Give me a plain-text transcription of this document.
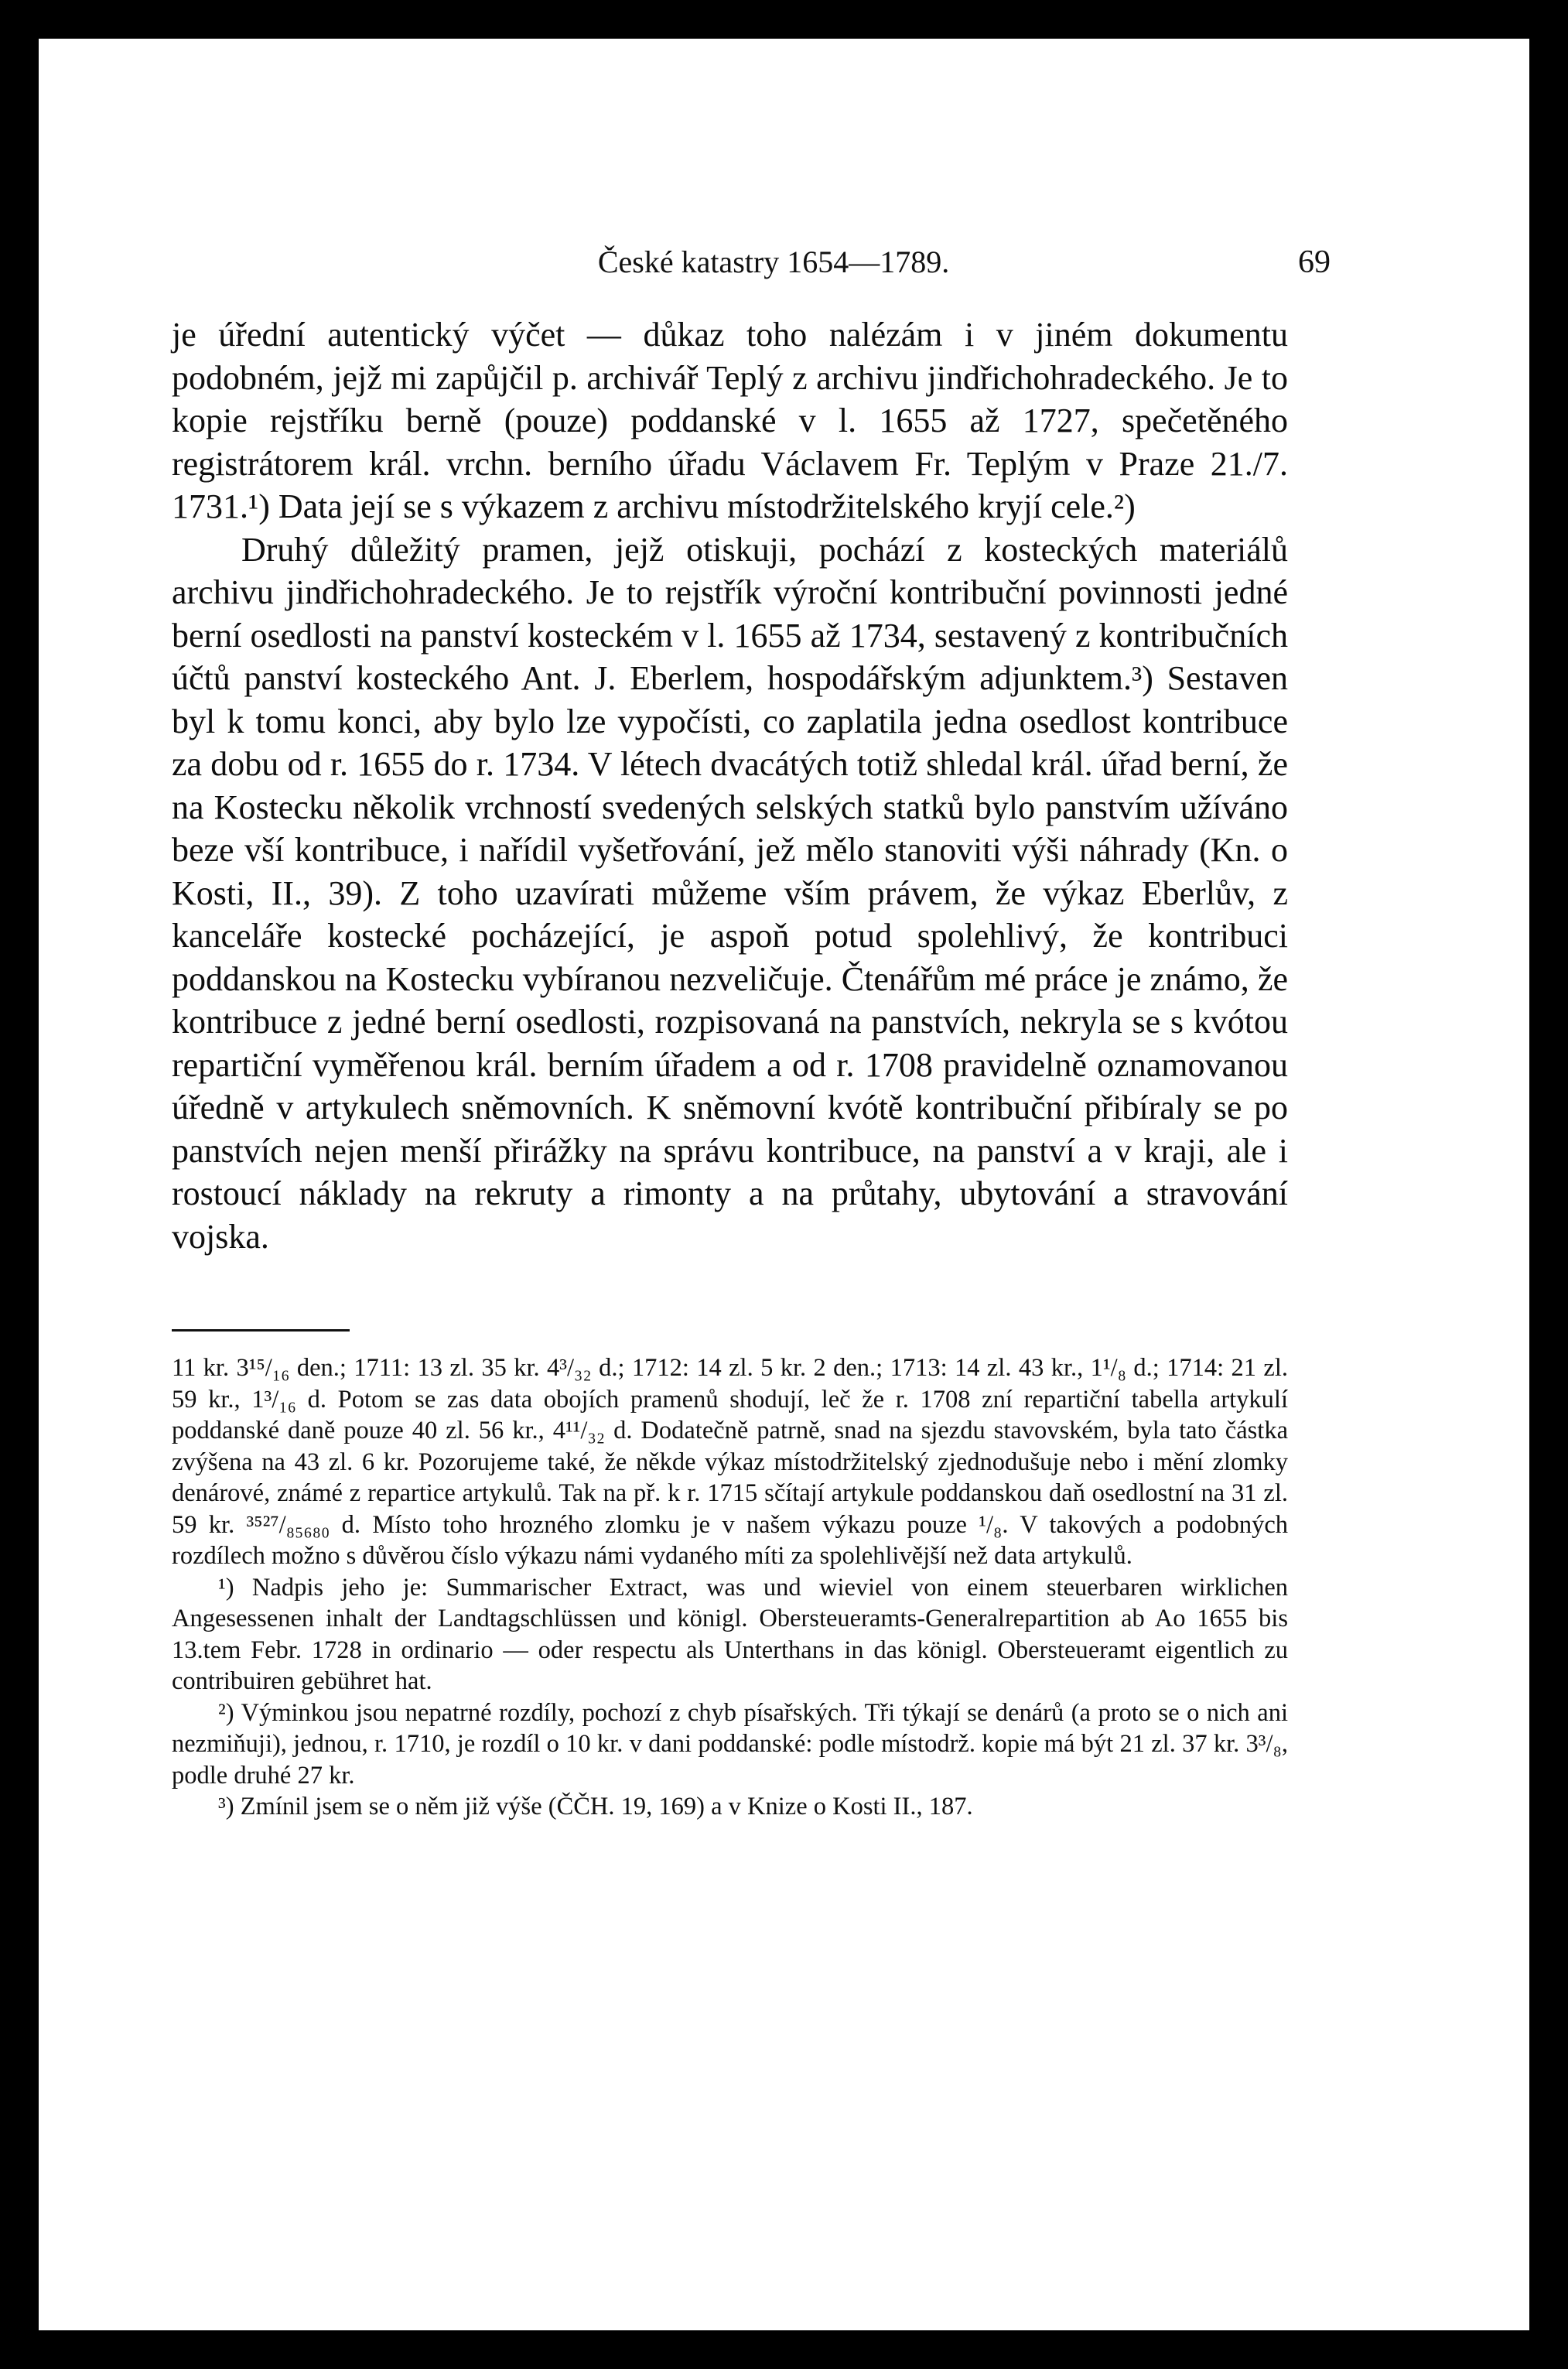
České katastry 1654—1789.	69

je úřední autentický výčet — důkaz toho nalézám i v jiném dokumentu podobném, jejž mi zapůjčil p. archivář Teplý z archivu jindřichohradeckého. Je to kopie rejstříku berně (pouze) poddanské v l. 1655 až 1727, spečetěného registrátorem král. vrchn. berního úřadu Václavem Fr. Teplým v Praze 21./7. 1731.¹) Data její se s výkazem z archivu místodržitelského kryjí cele.²)

Druhý důležitý pramen, jejž otiskuji, pochází z kosteckých materiálů archivu jindřichohradeckého. Je to rejstřík výroční kontribuční povinnosti jedné berní osedlosti na panství kosteckém v l. 1655 až 1734, sestavený z kontribučních účtů panství kosteckého Ant. J. Eberlem, hospodářským adjunktem.³) Sestaven byl k tomu konci, aby bylo lze vypočísti, co zaplatila jedna osedlost kontribuce za dobu od r. 1655 do r. 1734. V létech dvacátých totiž shledal král. úřad berní, že na Kostecku několik vrchností svedených selských statků bylo panstvím užíváno beze vší kontribuce, i nařídil vyšetřování, jež mělo stanoviti výši náhrady (Kn. o Kosti, II., 39). Z toho uzavírati můžeme vším právem, že výkaz Eberlův, z kanceláře kostecké pocházející, je aspoň potud spolehlivý, že kontribuci poddanskou na Kostecku vybíranou nezveličuje. Čtenářům mé práce je známo, že kontribuce z jedné berní osedlosti, rozpisovaná na panstvích, nekryla se s kvótou repartiční vyměřenou král. berním úřadem a od r. 1708 pravidelně oznamovanou úředně v artykulech sněmovních. K sněmovní kvótě kontribuční přibíraly se po panstvích nejen menší přirážky na správu kontribuce, na panství a v kraji, ale i rostoucí náklady na rekruty a rimonty a na průtahy, ubytování a stravování vojska.

11 kr. 3¹⁵/₁₆ den.; 1711: 13 zl. 35 kr. 4³/₃₂ d.; 1712: 14 zl. 5 kr. 2 den.; 1713: 14 zl. 43 kr., 1¹/₈ d.; 1714: 21 zl. 59 kr., 1³/₁₆ d. Potom se zas data obojích pramenů shodují, leč že r. 1708 zní repartiční tabella artykulí poddanské daně pouze 40 zl. 56 kr., 4¹¹/₃₂ d. Dodatečně patrně, snad na sjezdu stavovském, byla tato částka zvýšena na 43 zl. 6 kr. Pozorujeme také, že někde výkaz místodržitelský zjednodušuje nebo i mění zlomky denárové, známé z repartice artykulů. Tak na př. k r. 1715 sčítají artykule poddanskou daň osedlostní na 31 zl. 59 kr. ³⁵²⁷/₈₅₆₈₀ d. Místo toho hrozného zlomku je v našem výkazu pouze ¹/₈. V takových a podobných rozdílech možno s důvěrou číslo výkazu námi vydaného míti za spolehlivější než data artykulů.

¹) Nadpis jeho je: Summarischer Extract, was und wieviel von einem steuerbaren wirklichen Angesessenen inhalt der Landtagschlüssen und königl. Obersteueramts-Generalrepartition ab Ao 1655 bis 13.tem Febr. 1728 in ordinario — oder respectu als Unterthans in das königl. Obersteueramt eigentlich zu contribuiren gebühret hat.

²) Výminkou jsou nepatrné rozdíly, pochozí z chyb písařských. Tři týkají se denárů (a proto se o nich ani nezmiňuji), jednou, r. 1710, je rozdíl o 10 kr. v dani poddanské: podle místodrž. kopie má být 21 zl. 37 kr. 3³/₈, podle druhé 27 kr.

³) Zmínil jsem se o něm již výše (ČČH. 19, 169) a v Knize o Kosti II., 187.
